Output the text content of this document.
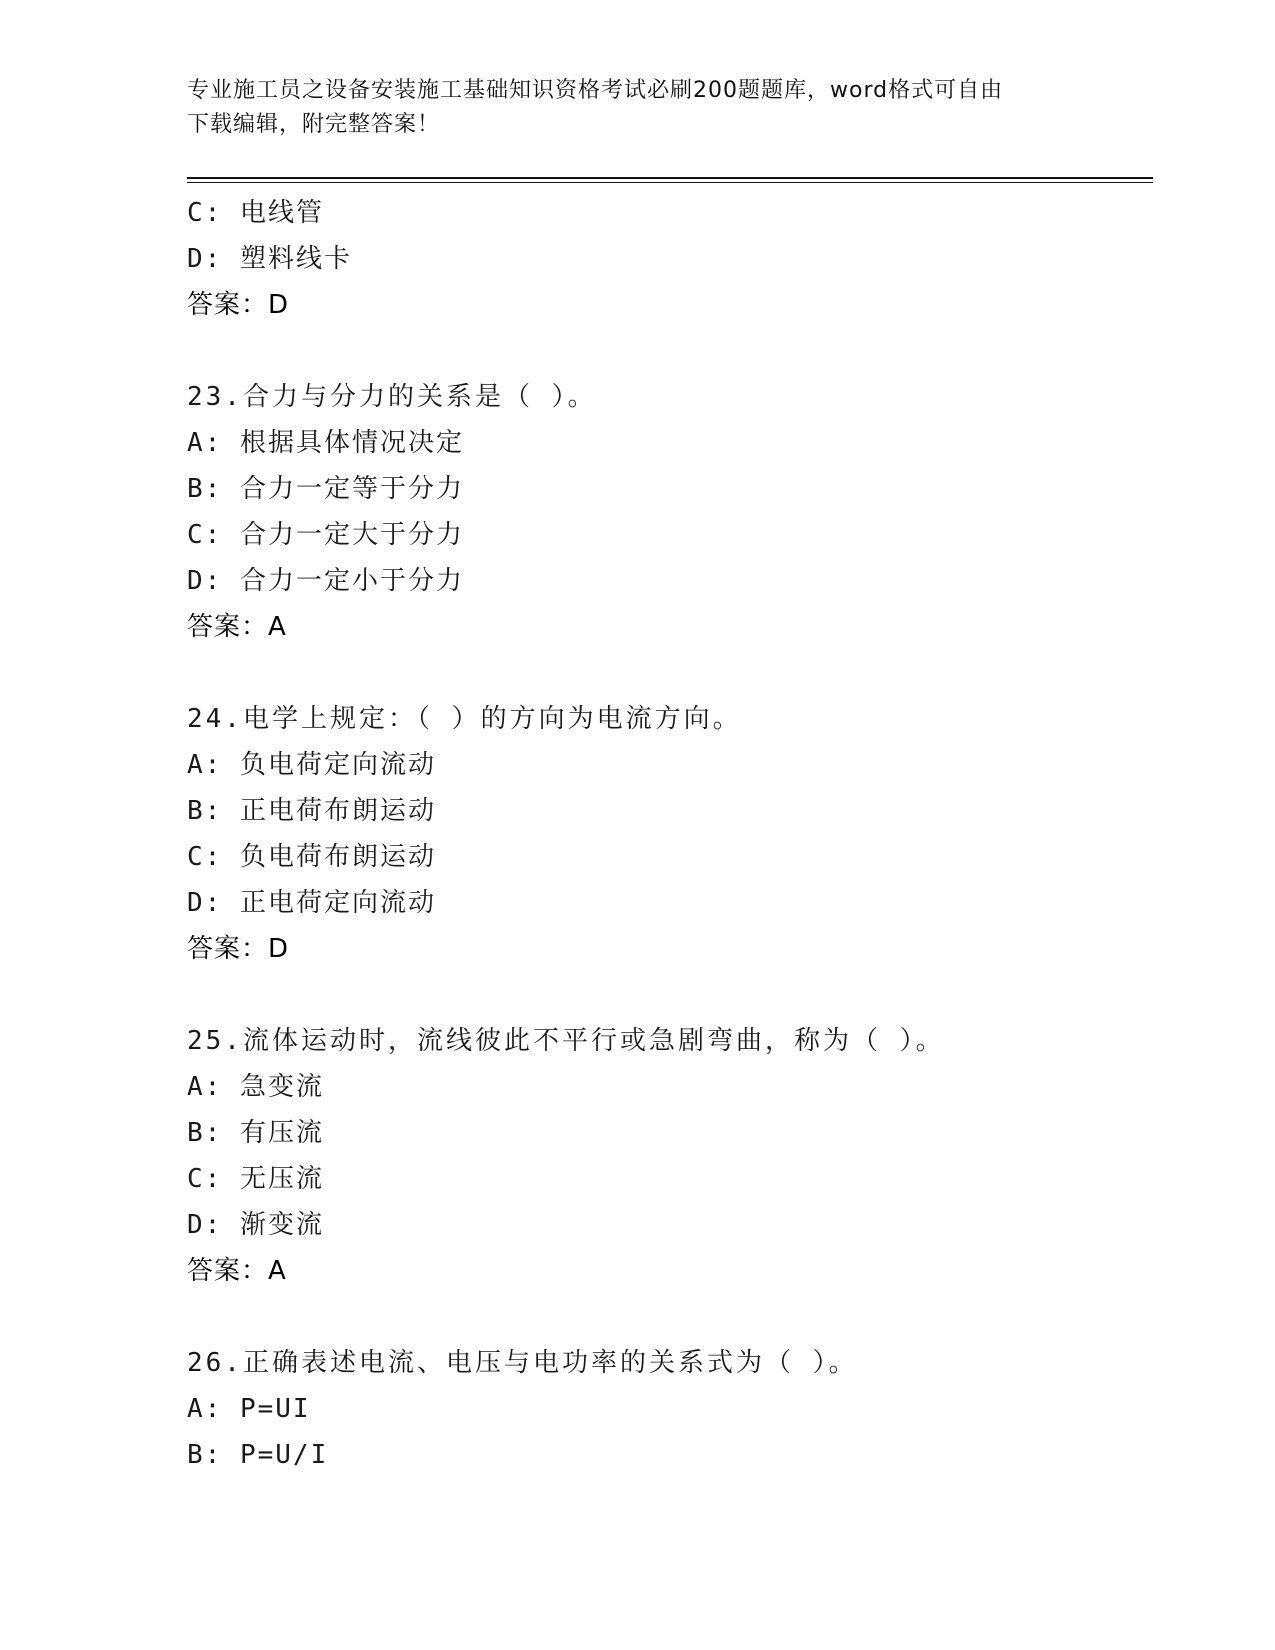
专业施工员之设备安装施工基础知识资格考试必刷200题题库，word格式可自由
下载编辑，附完整答案！
C: 电线管
D: 塑料线卡
答案：D
23.合力与分力的关系是（ ）。
A: 根据具体情况决定
B: 合力一定等于分力
C: 合力一定大于分力
D: 合力一定小于分力
答案：A
24.电学上规定：（ ）的方向为电流方向。
A: 负电荷定向流动
B: 正电荷布朗运动
C: 负电荷布朗运动
D: 正电荷定向流动
答案：D
25.流体运动时，流线彼此不平行或急剧弯曲，称为（ ）。
A: 急变流
B: 有压流
C: 无压流
D: 渐变流
答案：A
26.正确表述电流、电压与电功率的关系式为（ ）。
A: P=UI
B: P=U/I
